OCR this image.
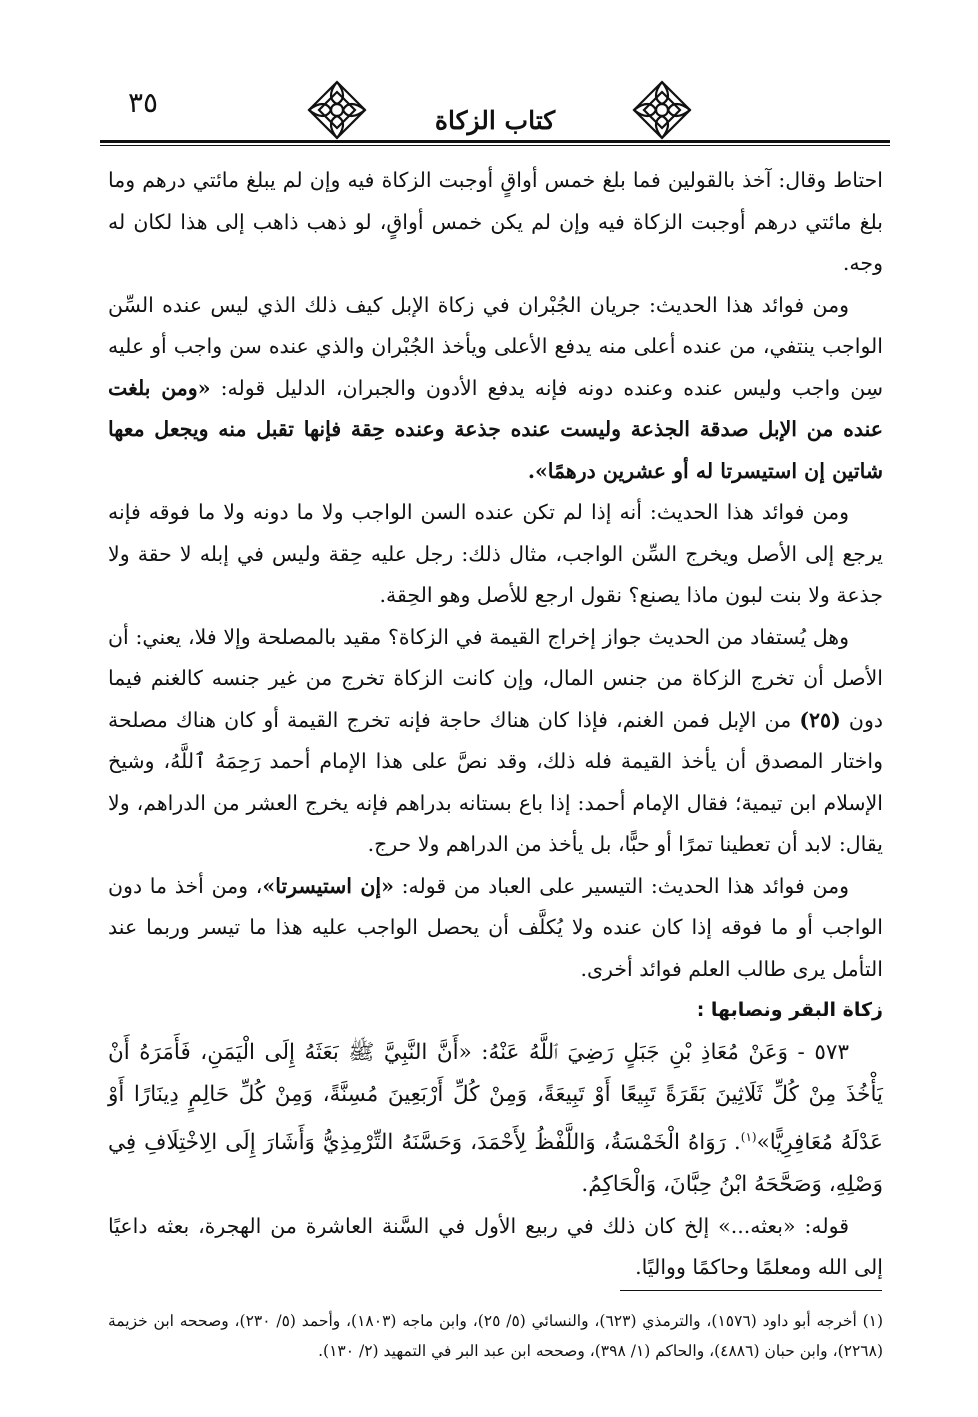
٣٥
كتاب الزكاة

احتاط وقال: آخذ بالقولين فما بلغ خمس أواقٍ أوجبت الزكاة فيه وإن لم يبلغ مائتي درهم وما بلغ مائتي درهم أوجبت الزكاة فيه وإن لم يكن خمس أواقٍ، لو ذهب ذاهب إلى هذا لكان له وجه.

ومن فوائد هذا الحديث: جريان الجُبْران في زكاة الإبل كيف ذلك الذي ليس عنده السِّن الواجب ينتفي، من عنده أعلى منه يدفع الأعلى ويأخذ الجُبْران والذي عنده سن واجب أو عليه سِن واجب وليس عنده وعنده دونه فإنه يدفع الأدون والجبران، الدليل قوله: «ومن بلغت عنده من الإبل صدقة الجذعة وليست عنده جذعة وعنده حِقة فإنها تقبل منه ويجعل معها شاتين إن استيسرتا له أو عشرين درهمًا».

ومن فوائد هذا الحديث: أنه إذا لم تكن عنده السن الواجب ولا ما دونه ولا ما فوقه فإنه يرجع إلى الأصل ويخرج السِّن الواجب، مثال ذلك: رجل عليه حِقة وليس في إبله لا حقة ولا جذعة ولا بنت لبون ماذا يصنع؟ نقول ارجع للأصل وهو الحِقة.

وهل يُستفاد من الحديث جواز إخراج القيمة في الزكاة؟ مقيد بالمصلحة وإلا فلا، يعني: أن الأصل أن تخرج الزكاة من جنس المال، وإن كانت الزكاة تخرج من غير جنسه كالغنم فيما دون (٢٥) من الإبل فمن الغنم، فإذا كان هناك حاجة فإنه تخرج القيمة أو كان هناك مصلحة واختار المصدق أن يأخذ القيمة فله ذلك، وقد نصَّ على هذا الإمام أحمد رَحِمَهُ ٱللَّهُ، وشيخ الإسلام ابن تيمية؛ فقال الإمام أحمد: إذا باع بستانه بدراهم فإنه يخرج العشر من الدراهم، ولا يقال: لابد أن تعطينا تمرًا أو حبًّا، بل يأخذ من الدراهم ولا حرج.

ومن فوائد هذا الحديث: التيسير على العباد من قوله: «إن استيسرتا»، ومن أخذ ما دون الواجب أو ما فوقه إذا كان عنده ولا يُكلَّف أن يحصل الواجب عليه هذا ما تيسر وربما عند التأمل يرى طالب العلم فوائد أخرى.

زكاة البقر ونصابها :

٥٧٣ - وَعَنْ مُعَاذِ بْنِ جَبَلٍ رَضِيَ ٱللَّهُ عَنْهُ: «أَنَّ النَّبِيَّ ﷺ بَعَثَهُ إِلَى الْيَمَنِ، فَأَمَرَهُ أَنْ يَأْخُذَ مِنْ كُلِّ ثَلَاثِينَ بَقَرَةً تَبِيعًا أَوْ تَبِيعَةً، وَمِنْ كُلِّ أَرْبَعِينَ مُسِنَّةً، وَمِنْ كُلِّ حَالِمٍ دِينَارًا أَوْ عَدْلَهُ مُعَافِرِيًّا»$^{(١)}$. رَوَاهُ الْخَمْسَةُ، وَاللَّفْظُ لِأَحْمَدَ، وَحَسَّنَهُ التِّرْمِذِيُّ وَأَشَارَ إِلَى الِاخْتِلَافِ فِي وَصْلِهِ، وَصَحَّحَهُ ابْنُ حِبَّانَ، وَالْحَاكِمُ.

قوله: «بعثه...» إلخ كان ذلك في ربيع الأول في السَّنة العاشرة من الهجرة، بعثه داعيًا إلى الله ومعلمًا وحاكمًا وواليًا.

(١) أخرجه أبو داود (١٥٧٦)، والترمذي (٦٢٣)، والنسائي (٥/ ٢٥)، وابن ماجه (١٨٠٣)، وأحمد (٥/ ٢٣٠)، وصححه ابن خزيمة (٢٢٦٨)، وابن حبان (٤٨٨٦)، والحاكم (١/ ٣٩٨)، وصححه ابن عبد البر في التمهيد (٢/ ١٣٠).
